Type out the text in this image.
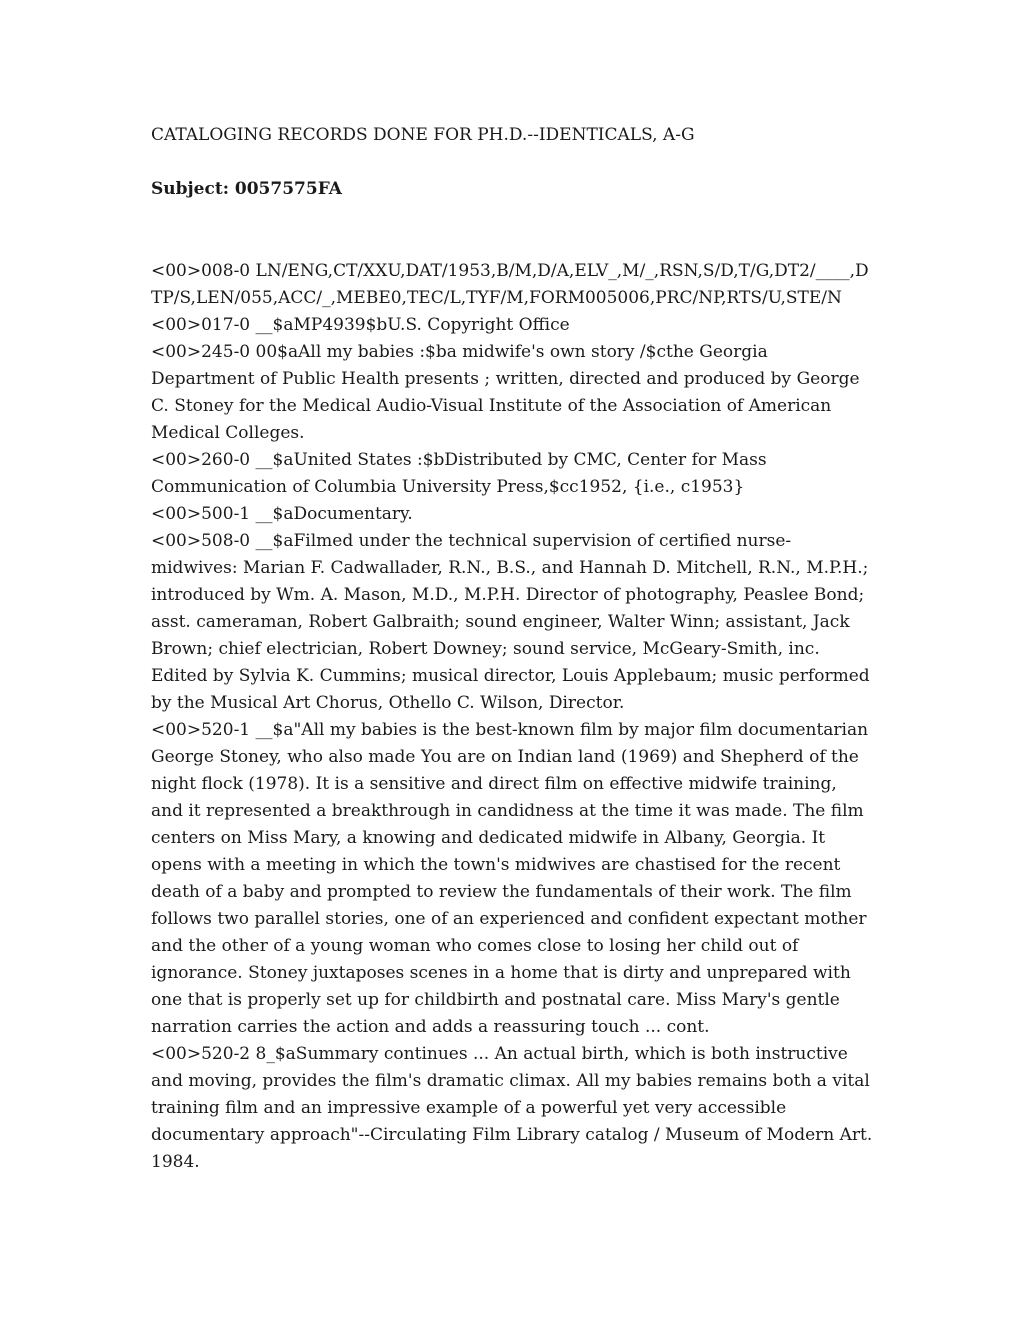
CATALOGING RECORDS DONE FOR PH.D.--IDENTICALS, A-G

Subject: 0057575FA

<00>008-0 LN/ENG,CT/XXU,DAT/1953,B/M,D/A,ELV_,M/_,RSN,S/D,T/G,DT2/____,DTP/S,LEN/055,ACC/_,MEBE0,TEC/L,TYF/M,FORM005006,PRC/NP,RTS/U,STE/N

<00>017-0 __$aMP4939$bU.S. Copyright Office

<00>245-0 00$aAll my babies :$ba midwife's own story /$cthe Georgia Department of Public Health presents ; written, directed and produced by George C. Stoney for the Medical Audio-Visual Institute of the Association of American Medical Colleges.

<00>260-0 __$aUnited States :$bDistributed by CMC, Center for Mass Communication of Columbia University Press,$cc1952, {i.e., c1953}

<00>500-1 __$aDocumentary.

<00>508-0 __$aFilmed under the technical supervision of certified nurse-midwives: Marian F. Cadwallader, R.N., B.S., and Hannah D. Mitchell, R.N., M.P.H.; introduced by Wm. A. Mason, M.D., M.P.H. Director of photography, Peaslee Bond; asst. cameraman, Robert Galbraith; sound engineer, Walter Winn; assistant, Jack Brown; chief electrician, Robert Downey; sound service, McGeary-Smith, inc. Edited by Sylvia K. Cummins; musical director, Louis Applebaum; music performed by the Musical Art Chorus, Othello C. Wilson, Director.

<00>520-1 __$a"All my babies is the best-known film by major film documentarian George Stoney, who also made You are on Indian land (1969) and Shepherd of the night flock (1978). It is a sensitive and direct film on effective midwife training, and it represented a breakthrough in candidness at the time it was made. The film centers on Miss Mary, a knowing and dedicated midwife in Albany, Georgia. It opens with a meeting in which the town's midwives are chastised for the recent death of a baby and prompted to review the fundamentals of their work. The film follows two parallel stories, one of an experienced and confident expectant mother and the other of a young woman who comes close to losing her child out of ignorance. Stoney juxtaposes scenes in a home that is dirty and unprepared with one that is properly set up for childbirth and postnatal care. Miss Mary's gentle narration carries the action and adds a reassuring touch ... cont.

<00>520-2 8_$aSummary continues ... An actual birth, which is both instructive and moving, provides the film's dramatic climax. All my babies remains both a vital training film and an impressive example of a powerful yet very accessible documentary approach"--Circulating Film Library catalog / Museum of Modern Art. 1984.
